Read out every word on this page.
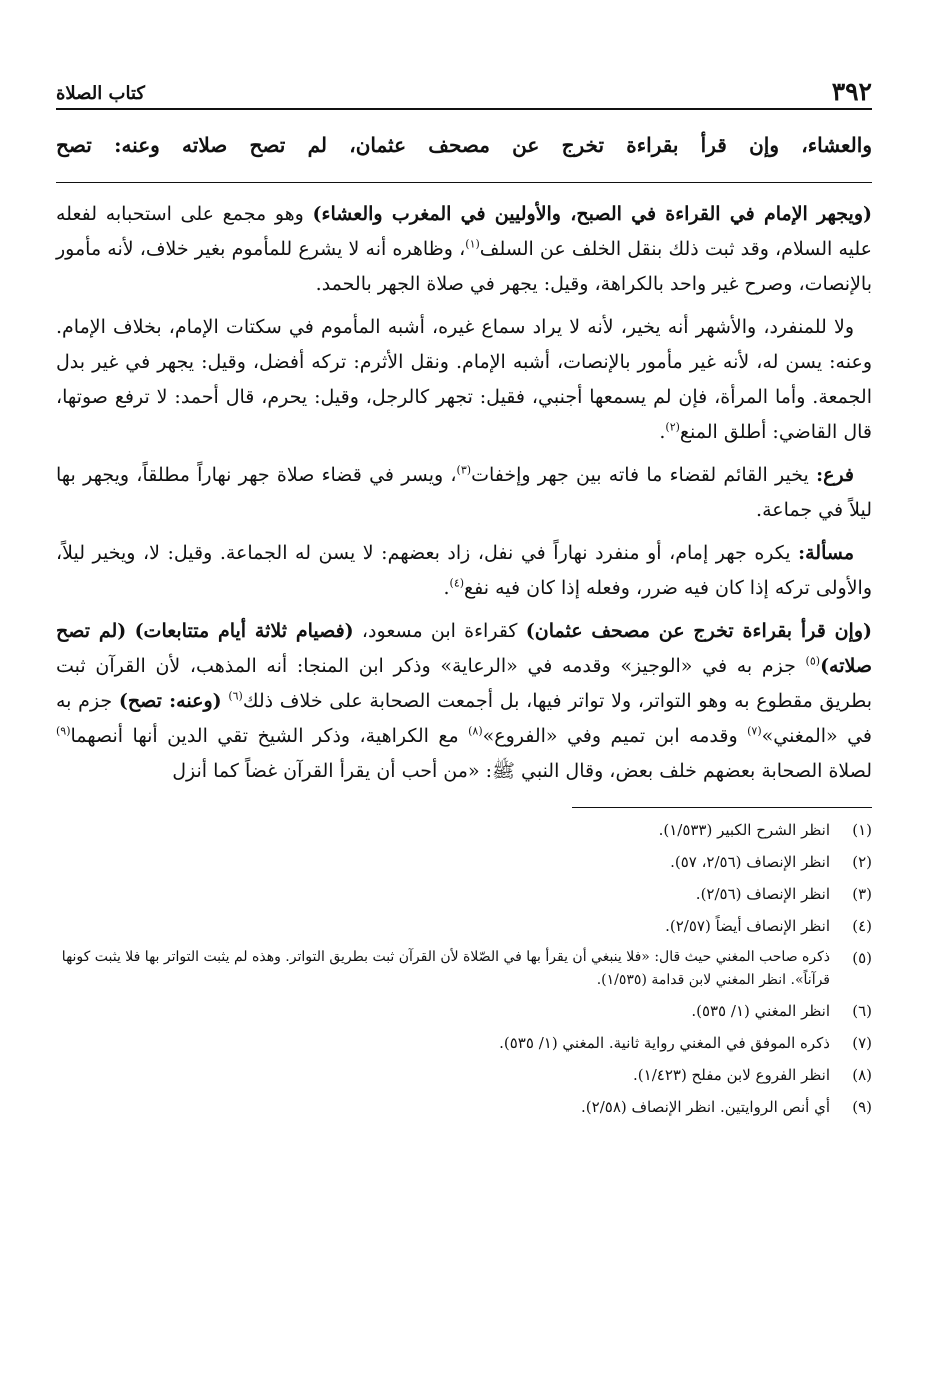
٣٩٢
كتاب الصلاة
والعشاء، وإن قرأ بقراءة تخرج عن مصحف عثمان، لم تصح صلاته وعنه: تصح

(ويجهر الإمام في القراءة في الصبح، والأوليين في المغرب والعشاء) وهو مجمع على استحبابه لفعله عليه السلام، وقد ثبت ذلك بنقل الخلف عن السلف$^{(١)}$، وظاهره أنه لا يشرع للمأموم بغير خلاف، لأنه مأمور بالإنصات، وصرح غير واحد بالكراهة، وقيل: يجهر في صلاة الجهر بالحمد.

ولا للمنفرد، والأشهر أنه يخير، لأنه لا يراد سماع غيره، أشبه المأموم في سكتات الإمام، بخلاف الإمام. وعنه: يسن له، لأنه غير مأمور بالإنصات، أشبه الإمام. ونقل الأثرم: تركه أفضل، وقيل: يجهر في غير بدل الجمعة. وأما المرأة، فإن لم يسمعها أجنبي، فقيل: تجهر كالرجل، وقيل: يحرم، قال أحمد: لا ترفع صوتها، قال القاضي: أطلق المنع$^{(٢)}$.

فرع: يخير القائم لقضاء ما فاته بين جهر وإخفات$^{(٣)}$، ويسر في قضاء صلاة جهر نهاراً مطلقاً، ويجهر بها ليلاً في جماعة.

مسألة: يكره جهر إمام، أو منفرد نهاراً في نفل، زاد بعضهم: لا يسن له الجماعة. وقيل: لا، ويخير ليلاً، والأولى تركه إذا كان فيه ضرر، وفعله إذا كان فيه نفع$^{(٤)}$.

(وإن قرأ بقراءة تخرج عن مصحف عثمان) كقراءة ابن مسعود، (فصيام ثلاثة أيام متتابعات) (لم تصح صلاته)$^{(٥)}$ جزم به في «الوجيز» وقدمه في «الرعاية» وذكر ابن المنجا: أنه المذهب، لأن القرآن ثبت بطريق مقطوع به وهو التواتر، ولا تواتر فيها، بل أجمعت الصحابة على خلاف ذلك$^{(٦)}$ (وعنه: تصح) جزم به في «المغني»$^{(٧)}$ وقدمه ابن تميم وفي «الفروع»$^{(٨)}$ مع الكراهية، وذكر الشيخ تقي الدين أنها أنصهما$^{(٩)}$ لصلاة الصحابة بعضهم خلف بعض، وقال النبي ﷺ: «من أحب أن يقرأ القرآن غضاً كما أنزل

(١)
انظر الشرح الكبير (١/٥٣٣).
(٢)
انظر الإنصاف (٢/٥٦، ٥٧).
(٣)
انظر الإنصاف (٢/٥٦).
(٤)
انظر الإنصاف أيضاً (٢/٥٧).
(٥)
ذكره صاحب المغني حيث قال: «فلا ينبغي أن يقرأ بها في الصّلاة لأن القرآن ثبت بطريق التواتر. وهذه لم يثبت التواتر بها فلا يثبت كونها قرآناً». انظر المغني لابن قدامة (١/٥٣٥).
(٦)
انظر المغني (١/ ٥٣٥).
(٧)
ذكره الموفق في المغني رواية ثانية. المغني (١/ ٥٣٥).
(٨)
انظر الفروع لابن مفلح (١/٤٢٣).
(٩)
أي أنص الروايتين. انظر الإنصاف (٢/٥٨).
